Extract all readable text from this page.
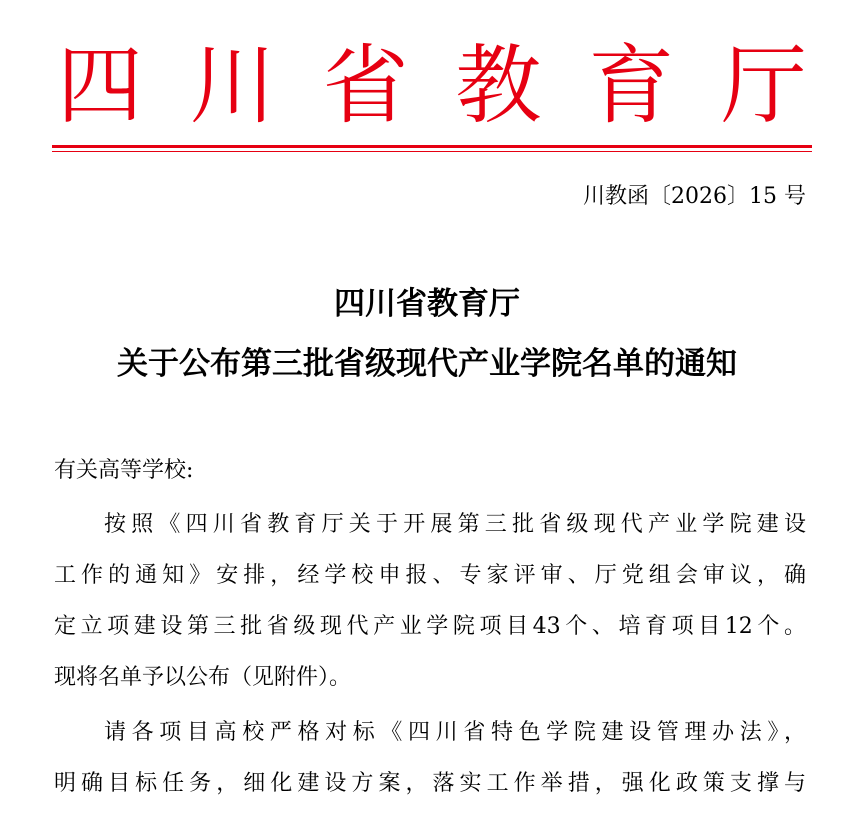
四 川 省 教 育 厅
川教函〔2026〕15 号
四川省教育厅
关于公布第三批省级现代产业学院名单的通知
有关高等学校:
按照《四川省教育厅关于开展第三批省级现代产业学院建设
工作的通知》安排，经学校申报、专家评审、厅党组会审议，确
定立项建设第三批省级现代产业学院项目43个、培育项目12个。
现将名单予以公布（见附件）。
请各项目高校严格对标《四川省特色学院建设管理办法》，
明确目标任务，细化建设方案，落实工作举措，强化政策支撑与
